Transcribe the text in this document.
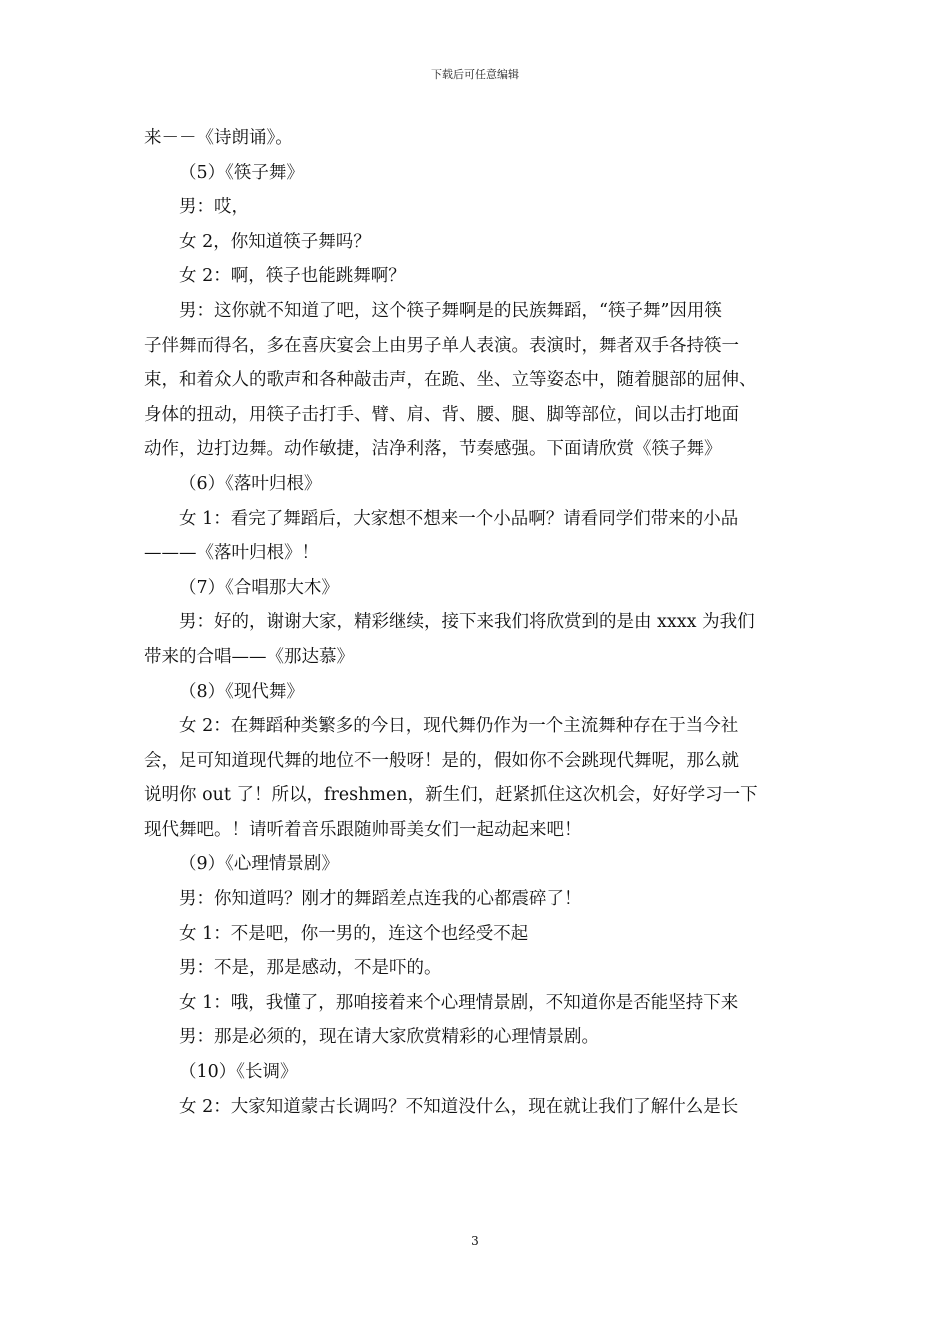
下载后可任意编辑
来－－《诗朗诵》。
（5）《筷子舞》
男：哎，
女 2，你知道筷子舞吗？
女 2：啊，筷子也能跳舞啊？
男：这你就不知道了吧，这个筷子舞啊是的民族舞蹈，“筷子舞”因用筷
子伴舞而得名，多在喜庆宴会上由男子单人表演。表演时，舞者双手各持筷一
束，和着众人的歌声和各种敲击声，在跪、坐、立等姿态中，随着腿部的屈伸、
身体的扭动，用筷子击打手、臂、肩、背、腰、腿、脚等部位，间以击打地面
动作，边打边舞。动作敏捷，洁净利落，节奏感强。下面请欣赏《筷子舞》
（6）《落叶归根》
女 1：看完了舞蹈后，大家想不想来一个小品啊？请看同学们带来的小品
———《落叶归根》！
（7）《合唱那大木》
男：好的，谢谢大家，精彩继续，接下来我们将欣赏到的是由 xxxx 为我们
带来的合唱——《那达慕》
（8）《现代舞》
女 2：在舞蹈种类繁多的今日，现代舞仍作为一个主流舞种存在于当今社
会，足可知道现代舞的地位不一般呀！是的，假如你不会跳现代舞呢，那么就
说明你 out 了！所以，freshmen，新生们，赶紧抓住这次机会，好好学习一下
现代舞吧。！请听着音乐跟随帅哥美女们一起动起来吧！
（9）《心理情景剧》
男：你知道吗？刚才的舞蹈差点连我的心都震碎了！
女 1：不是吧，你一男的，连这个也经受不起
男：不是，那是感动，不是吓的。
女 1：哦，我懂了，那咱接着来个心理情景剧，不知道你是否能坚持下来
男：那是必须的，现在请大家欣赏精彩的心理情景剧。
（10）《长调》
女 2：大家知道蒙古长调吗？不知道没什么，现在就让我们了解什么是长
3
